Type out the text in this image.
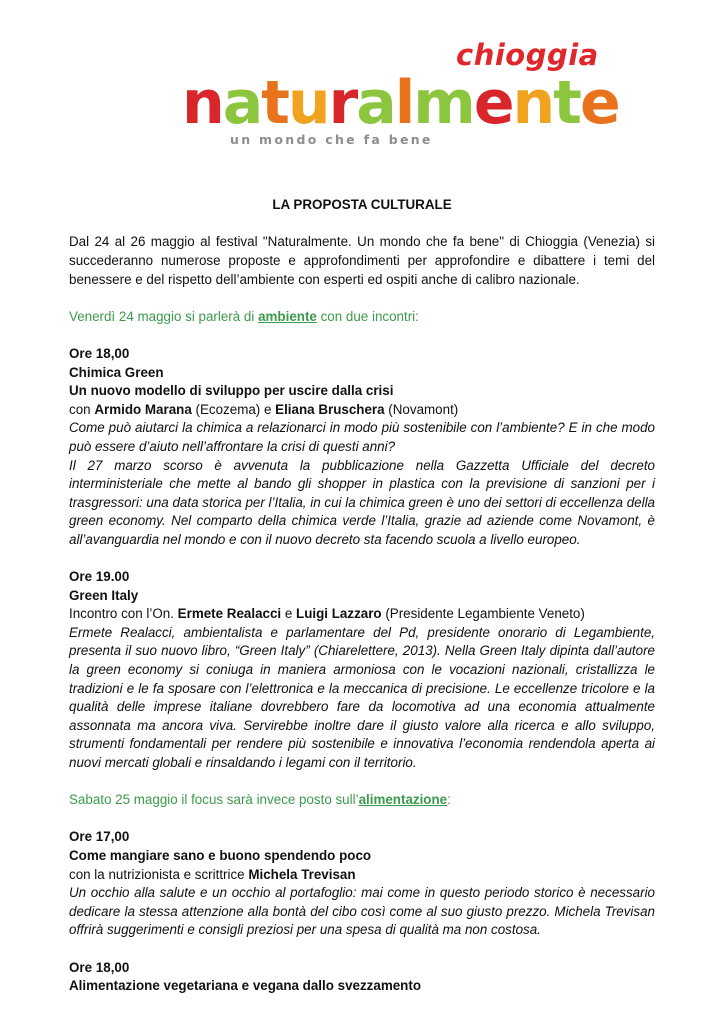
chioggia
naturalmente
un mondo che fa bene

LA PROPOSTA CULTURALE

Dal 24 al 26 maggio al festival "Naturalmente. Un mondo che fa bene" di Chioggia (Venezia) si succederanno numerose proposte e approfondimenti per approfondire e dibattere i temi del benessere e del rispetto dell’ambiente con esperti ed ospiti anche di calibro nazionale.

Venerdì 24 maggio si parlerà di ambiente con due incontri:

Ore 18,00
Chimica Green
Un nuovo modello di sviluppo per uscire dalla crisi
con Armido Marana (Ecozema) e Eliana Bruschera (Novamont)
Come può aiutarci la chimica a relazionarci in modo più sostenibile con l’ambiente? E in che modo può essere d’aiuto nell’affrontare la crisi di questi anni?
Il 27 marzo scorso è avvenuta la pubblicazione nella Gazzetta Ufficiale del decreto interministeriale che mette al bando gli shopper in plastica con la previsione di sanzioni per i trasgressori: una data storica per l’Italia, in cui la chimica green è uno dei settori di eccellenza della green economy. Nel comparto della chimica verde l’Italia, grazie ad aziende come Novamont, è all’avanguardia nel mondo e con il nuovo decreto sta facendo scuola a livello europeo.
Ore 19.00
Green Italy
Incontro con l’On. Ermete Realacci e Luigi Lazzaro (Presidente Legambiente Veneto)
Ermete Realacci, ambientalista e parlamentare del Pd, presidente onorario di Legambiente, presenta il suo nuovo libro, “Green Italy” (Chiarelettere, 2013). Nella Green Italy dipinta dall’autore la green economy si coniuga in maniera armoniosa con le vocazioni nazionali, cristallizza le tradizioni e le fa sposare con l’elettronica e la meccanica di precisione. Le eccellenze tricolore e la qualità delle imprese italiane dovrebbero fare da locomotiva ad una economia attualmente assonnata ma ancora viva. Servirebbe inoltre dare il giusto valore alla ricerca e allo sviluppo, strumenti fondamentali per rendere più sostenibile e innovativa l’economia rendendola aperta ai nuovi mercati globali e rinsaldando i legami con il territorio.

Sabato 25 maggio il focus sarà invece posto sull’alimentazione:

Ore 17,00
Come mangiare sano e buono spendendo poco
con la nutrizionista e scrittrice Michela Trevisan
Un occhio alla salute e un occhio al portafoglio: mai come in questo periodo storico è necessario dedicare la stessa attenzione alla bontà del cibo così come al suo giusto prezzo. Michela Trevisan offrirà suggerimenti e consigli preziosi per una spesa di qualità ma non costosa.
Ore 18,00
Alimentazione vegetariana e vegana dallo svezzamento
